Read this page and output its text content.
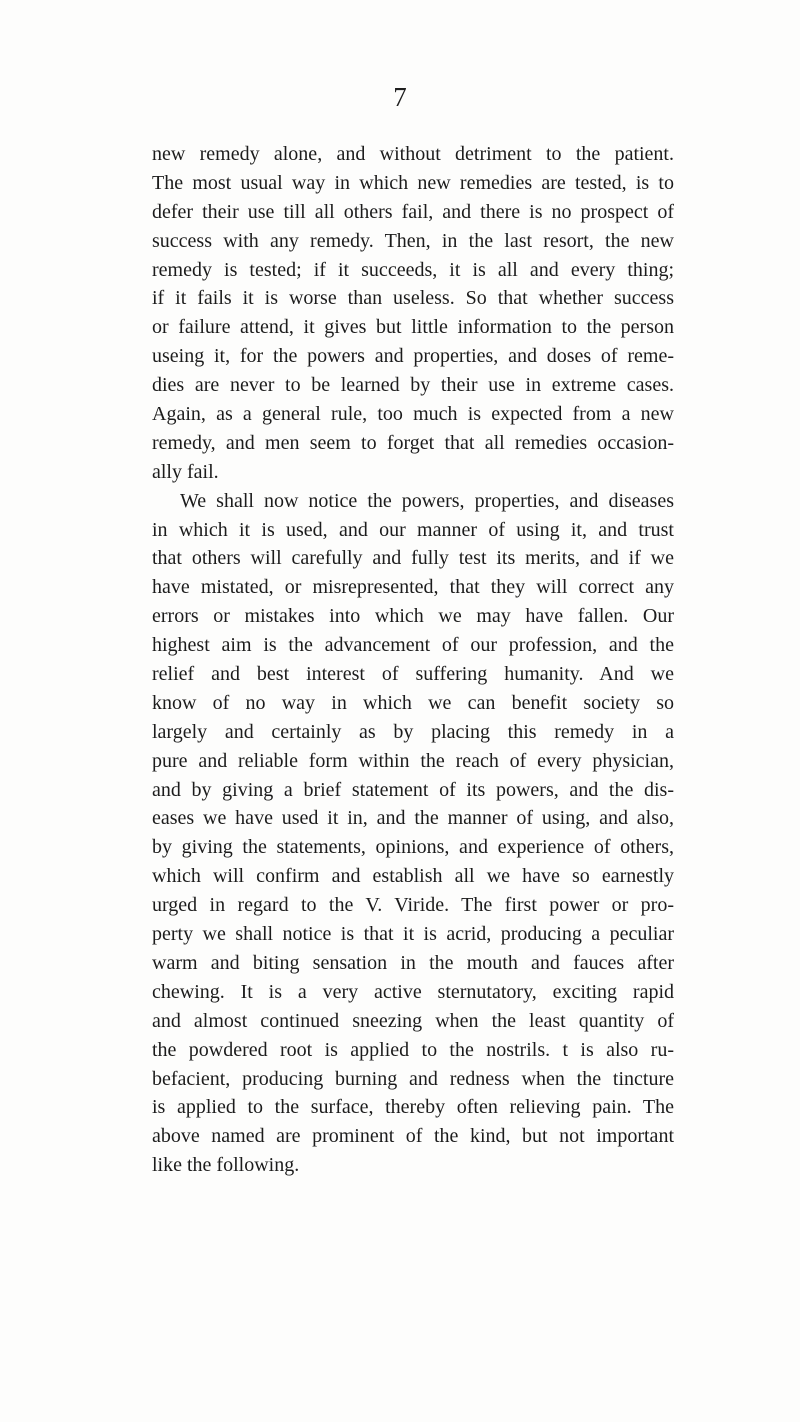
7
new remedy alone, and without detriment to the patient.
The most usual way in which new remedies are tested, is to
defer their use till all others fail, and there is no prospect of
success with any remedy. Then, in the last resort, the new
remedy is tested; if it succeeds, it is all and every thing;
if it fails it is worse than useless. So that whether success
or failure attend, it gives but little information to the person
useing it, for the powers and properties, and doses of reme-
dies are never to be learned by their use in extreme cases.
Again, as a general rule, too much is expected from a new
remedy, and men seem to forget that all remedies occasion-
ally fail.
We shall now notice the powers, properties, and diseases
in which it is used, and our manner of using it, and trust
that others will carefully and fully test its merits, and if we
have mistated, or misrepresented, that they will correct any
errors or mistakes into which we may have fallen. Our
highest aim is the advancement of our profession, and the
relief and best interest of suffering humanity. And we
know of no way in which we can benefit society so
largely and certainly as by placing this remedy in a
pure and reliable form within the reach of every physician,
and by giving a brief statement of its powers, and the dis-
eases we have used it in, and the manner of using, and also,
by giving the statements, opinions, and experience of others,
which will confirm and establish all we have so earnestly
urged in regard to the V. Viride. The first power or pro-
perty we shall notice is that it is acrid, producing a peculiar
warm and biting sensation in the mouth and fauces after
chewing. It is a very active sternutatory, exciting rapid
and almost continued sneezing when the least quantity of
the powdered root is applied to the nostrils. t is also ru-
befacient, producing burning and redness when the tincture
is applied to the surface, thereby often relieving pain. The
above named are prominent of the kind, but not important
like the following.
